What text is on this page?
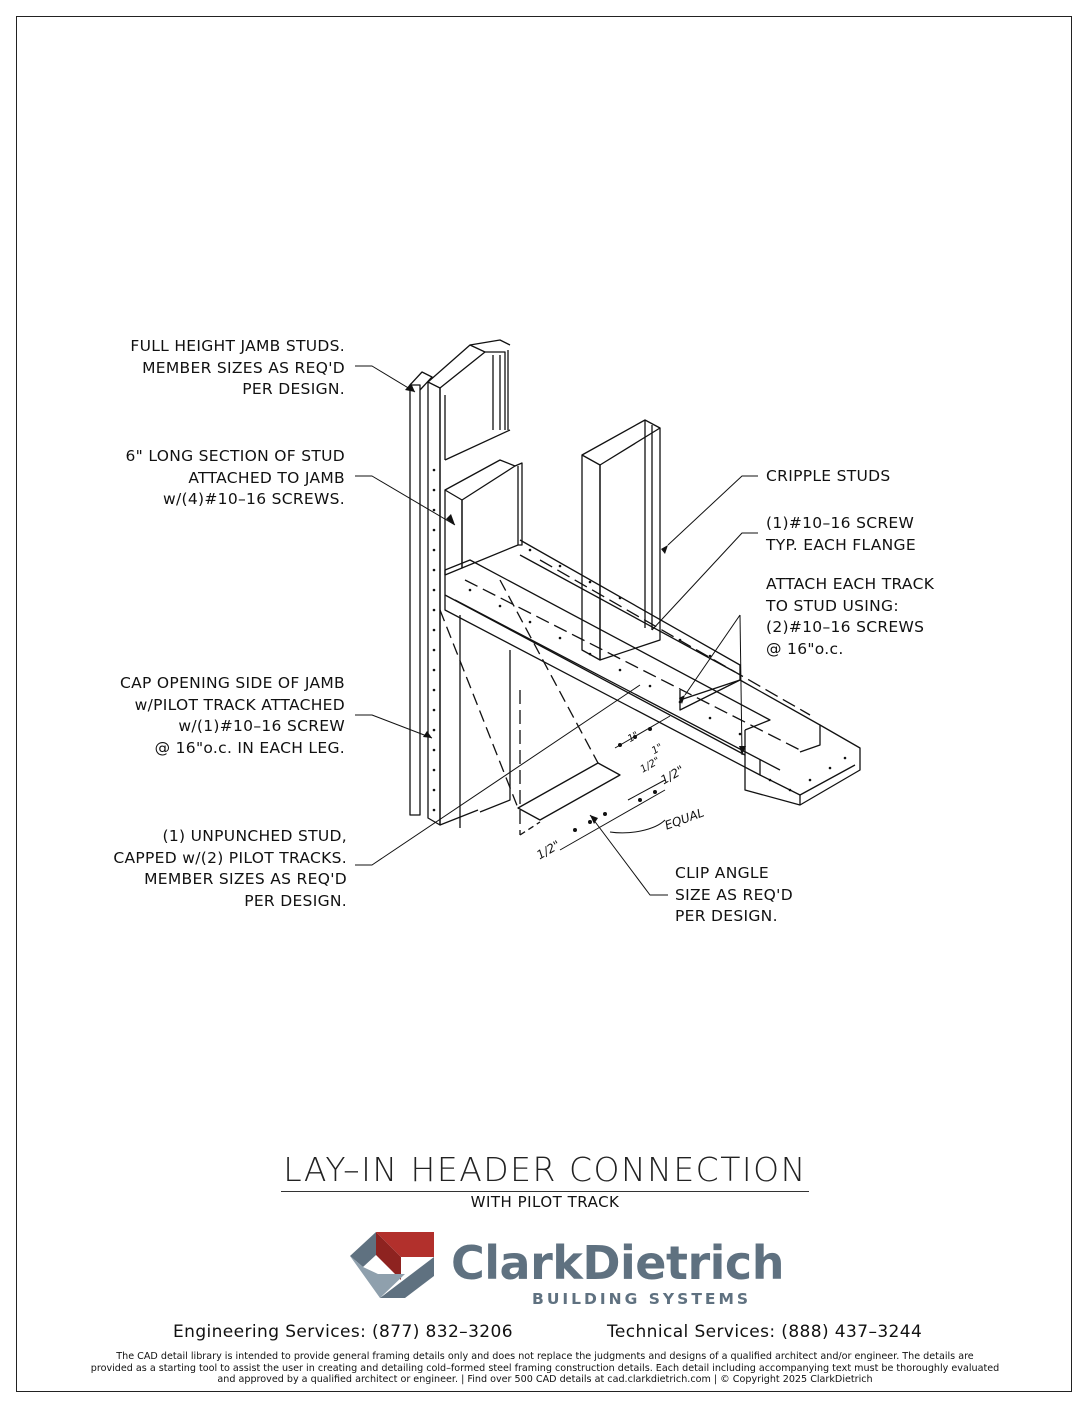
FULL HEIGHT JAMB STUDS.
MEMBER SIZES AS REQ'D
PER DESIGN.
6" LONG SECTION OF STUD
ATTACHED TO JAMB
w/(4)#10–16 SCREWS.
CAP OPENING SIDE OF JAMB
w/PILOT TRACK ATTACHED
w/(1)#10–16 SCREW
@ 16"o.c. IN EACH LEG.
(1) UNPUNCHED STUD,
CAPPED w/(2) PILOT TRACKS.
MEMBER SIZES AS REQ'D
PER DESIGN.
CRIPPLE STUDS
(1)#10–16 SCREW
TYP. EACH FLANGE
ATTACH EACH TRACK
TO STUD USING:
(2)#10–16 SCREWS
@ 16"o.c.
CLIP ANGLE
SIZE AS REQ'D
PER DESIGN.
1/2"
1/2"
EQUAL
1"
1"
1/2"
LAY–IN HEADER CONNECTION
WITH PILOT TRACK
ClarkDietrich
BUILDING SYSTEMS
Engineering Services: (877) 832–3206	Technical Services: (888) 437–3244
The CAD detail library is intended to provide general framing details only and does not replace the judgments and designs of a qualified architect and/or engineer. The details are
provided as a starting tool to assist the user in creating and detailing cold–formed steel framing construction details. Each detail including accompanying text must be thoroughly evaluated
and approved by a qualified architect or engineer. | Find over 500 CAD details at cad.clarkdietrich.com | © Copyright 2025 ClarkDietrich
